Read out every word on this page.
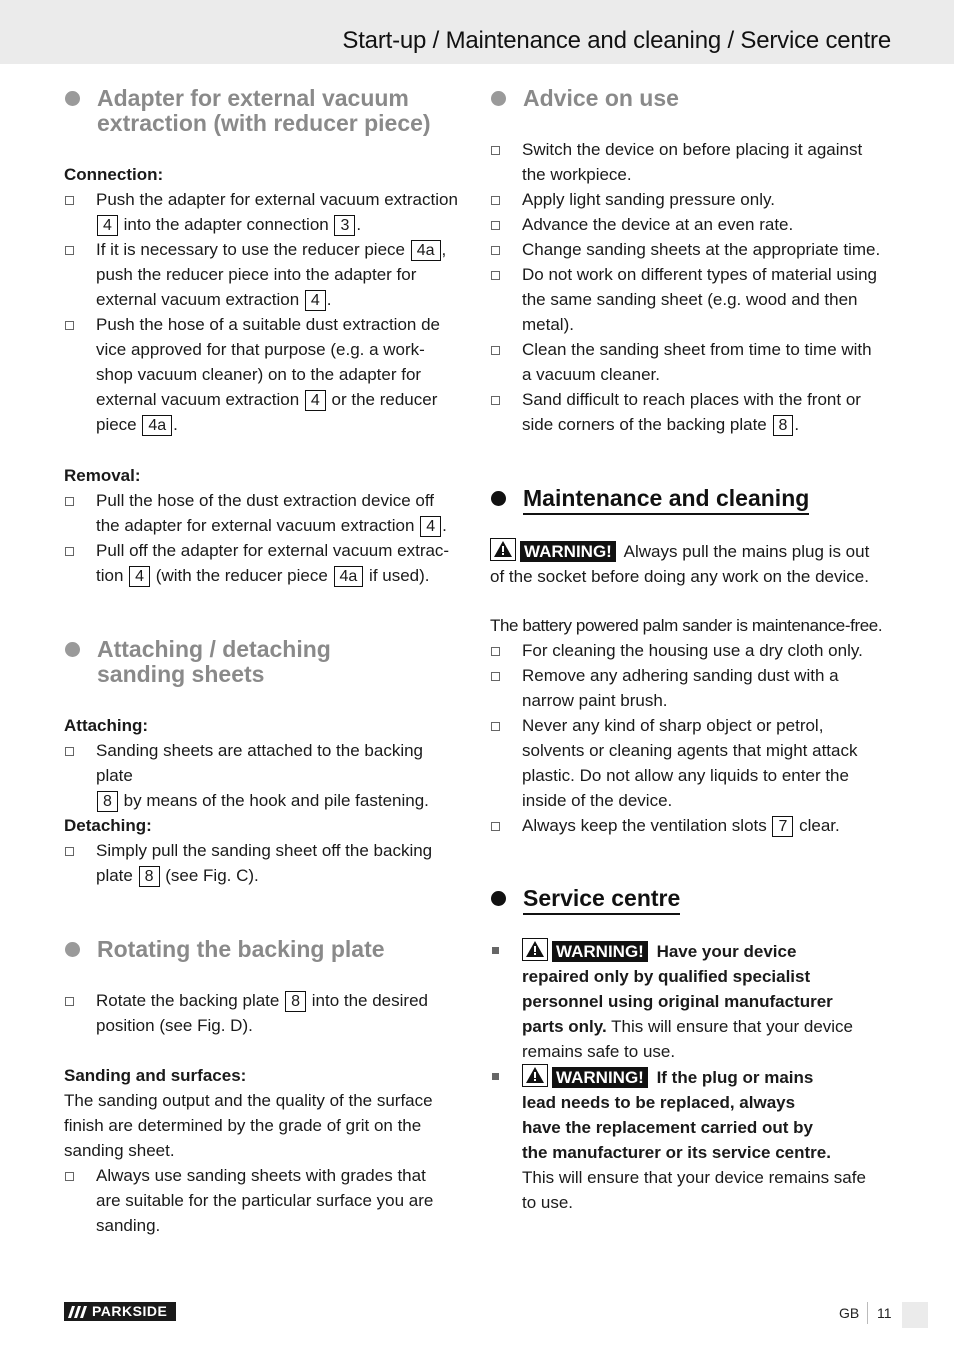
Start-up / Maintenance and cleaning / Service centre
Adapter for external vacuum
extraction (with reducer piece)
Connection:
Push the adapter for external vacuum extraction
4 into the adapter connection 3 .
If it is necessary to use the reducer piece 4a ,
push the reducer piece into the adapter for
external vacuum extraction 4 .
Push the hose of a suitable dust extraction de
vice approved for that purpose (e.g. a work-
shop vacuum cleaner) on to the adapter for
external vacuum extraction 4 or the reducer
piece 4a .
Removal:
Pull the hose of the dust extraction device off
the adapter for external vacuum extraction 4 .
Pull off the adapter for external vacuum extrac-
tion 4 (with the reducer piece 4a if used).
Attaching / detaching
sanding sheets
Attaching:
Sanding sheets are attached to the backing plate
8 by means of the hook and pile fastening.
Detaching:
Simply pull the sanding sheet off the backing
plate 8 (see Fig. C).
Rotating the backing plate
Rotate the backing plate 8 into the desired
position (see Fig. D).
Sanding and surfaces:
The sanding output and the quality of the surface
finish are determined by the grade of grit on the
sanding sheet.
Always use sanding sheets with grades that
are suitable for the particular surface you are
sanding.
Advice on use
Switch the device on before placing it against
the workpiece.
Apply light sanding pressure only.
Advance the device at an even rate.
Change sanding sheets at the appropriate time.
Do not work on different types of material using
the same sanding sheet (e.g. wood and then
metal).
Clean the sanding sheet from time to time with
a vacuum cleaner.
Sand difficult to reach places with the front or
side corners of the backing plate 8 .
Maintenance and cleaning
WARNING! Always pull the mains plug is out
of the socket before doing any work on the device.
The battery powered palm sander is maintenance-free.
For cleaning the housing use a dry cloth only.
Remove any adhering sanding dust with a
narrow paint brush.
Never any kind of sharp object or petrol,
solvents or cleaning agents that might attack
plastic. Do not allow any liquids to enter the
inside of the device.
Always keep the ventilation slots 7 clear.
Service centre
WARNING! Have your device
repaired only by qualified specialist
personnel using original manufacturer
parts only. This will ensure that your device
remains safe to use.
WARNING! If the plug or mains
lead needs to be replaced, always
have the replacement carried out by
the manufacturer or its service centre.
This will ensure that your device remains safe
to use.
PARKSIDE	GB 11
